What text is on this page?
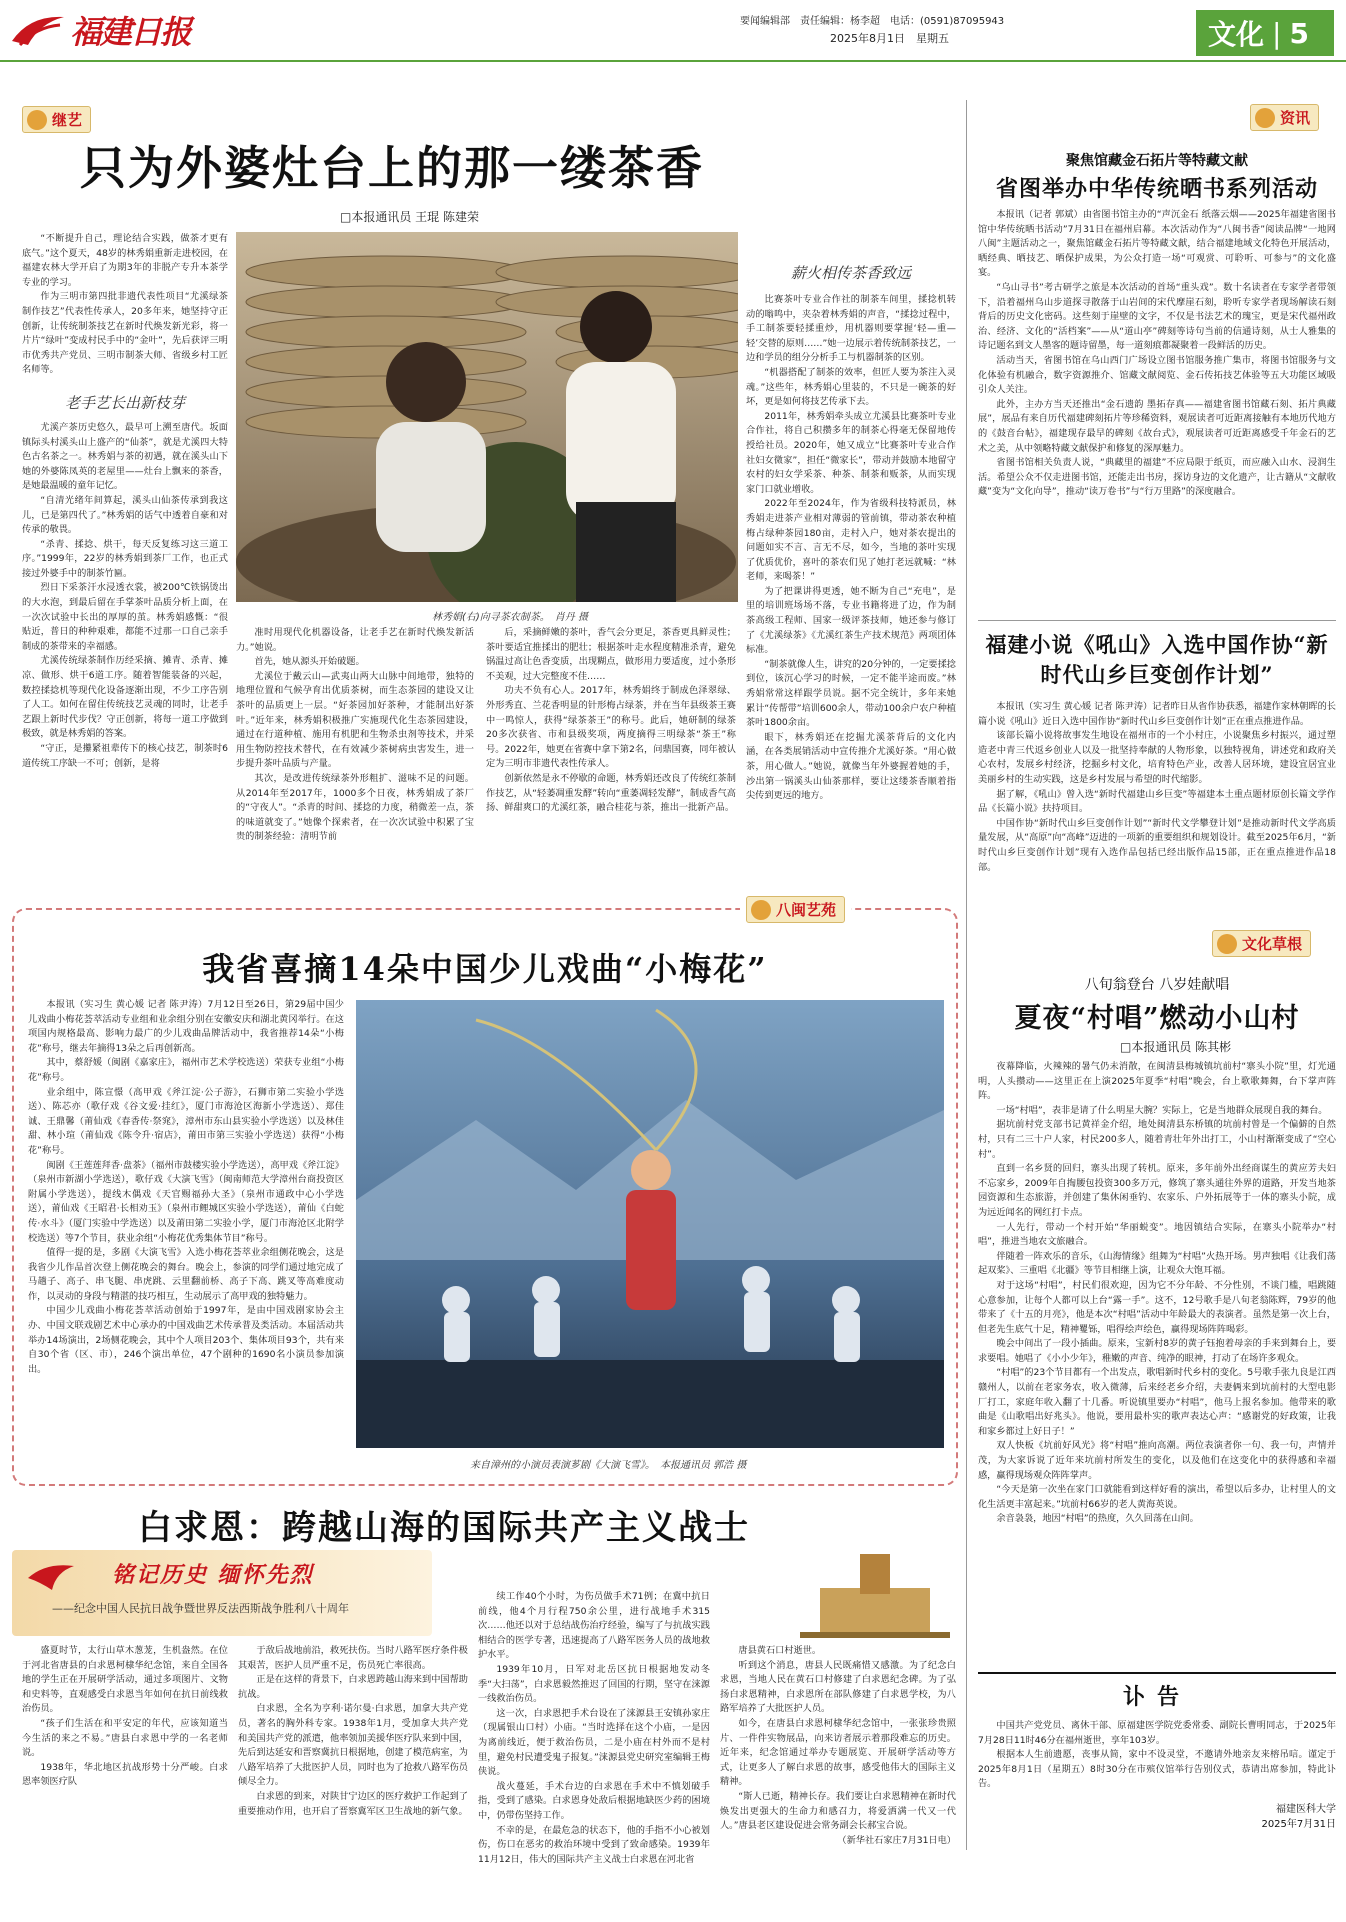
福建日报	要闻编辑部　责任编辑：杨李超　电话：(0591)87095943
2025年8月1日　星期五	文化 | 5
继艺
只为外婆灶台上的那一缕茶香
□本报通讯员 王琨 陈建荣

“不断提升自己，理论结合实践，做茶才更有底气。”这个夏天，48岁的林秀娟重新走进校园，在福建农林大学开启了为期3年的非脱产专升本茶学专业的学习。

作为三明市第四批非遗代表性项目“尤溪绿茶制作技艺”代表性传承人，20多年来，她坚持守正创新，让传统制茶技艺在新时代焕发新光彩，将一片片“绿叶”变成村民手中的“金叶”，先后获评三明市优秀共产党员、三明市制茶大师、省级乡村工匠名师等。

老手艺长出新枝芽

尤溪产茶历史悠久，最早可上溯至唐代。坂面镇际头村溪头山上盛产的“仙茶”，就是尤溪四大特色古名茶之一。林秀娟与茶的初遇，就在溪头山下她的外婆陈凤英的老屋里——灶台上飘来的茶香，是她最温暖的童年记忆。

“自清光绪年间算起，溪头山仙茶传承到我这儿，已是第四代了。”林秀娟的话气中透着自豪和对传承的敬畏。

“杀青、揉捻、烘干，每天反复练习这三道工序。”1999年，22岁的林秀娟到茶厂工作，也正式接过外婆手中的制茶竹匾。

烈日下采茶汗水浸透衣裳，被200℃铁锅烫出的大水泡，到最后留在手掌茶叶品质分析上面，在一次次试验中长出的厚厚的茧。林秀娟感慨：“很贴近，普日的种种艰难，都能不过那一口自己亲手制成的茶带来的幸福感。

尤溪传统绿茶制作历经采摘、摊青、杀青、摊凉、做形、烘干6道工序。随着智能装备的兴起，数控揉捻机等现代化设备逐渐出现，不少工序告别了人工。如何在留住传统技艺灵魂的同时，让老手艺跟上新时代步伐？守正创新，将每一道工序做到极致，就是林秀娟的答案。

“守正，是攥紧祖辈传下的核心技艺，制茶时6道传统工序缺一不可；创新，是将

林秀娟(右)向寻茶农制茶。　肖丹 摄

准时用现代化机器设备，让老手艺在新时代焕发新活力。”她说。

首先，她从源头开始破题。

尤溪位于戴云山—武夷山两大山脉中间地带，独特的地理位置和气候孕育出优质茶树，而生态茶园的建设又让茶叶的品质更上一层。“好茶园加好茶种，才能制出好茶叶。”近年来，林秀娟积极推广实施现代化生态茶园建设，通过在行道种植、施用有机肥和生物杀虫剂等技术，并采用生物防控技术替代，在有效减少茶树病虫害发生，进一步提升茶叶品质与产量。

其次，是改进传统绿茶外形粗扩、滋味不足的问题。从2014年至2017年，1000多个日夜，林秀娟成了茶厂的“守夜人”。“杀青的时间、揉捻的力度，稍微差一点，茶的味道就变了。”她像个探索者，在一次次试验中积累了宝贵的制茶经验：清明节前

后，采摘鲜嫩的茶叶，香气会分更足，茶香更具鲜灵性；茶叶要适宜推揉出的肥壮；根据茶叶走水程度精准杀青，避免锅温过高让色香变质，出现糊点，做形用力要适度，过小条形不美观，过大完整度不佳……

功夫不负有心人。2017年，林秀娟终于制成色泽翠绿、外形秀直、兰花香明显的针形梅占绿茶，并在当年县级茶王赛中一鸣惊人，获得“绿茶茶王”的称号。此后，她研制的绿茶20多次获省、市和县级奖项，两度摘得三明绿茶“茶王”称号。2022年，她更在省赛中拿下第2名，问鼎国赛，同年被认定为三明市非遗代表性传承人。

创新依然是永不停歇的命题，林秀娟还改良了传统红茶制作技艺，从“轻萎凋重发酵”转向“重萎凋轻发酵”，制成香气高扬、鲜甜爽口的尤溪红茶，融合桂花与茶，推出一批新产品。

薪火相传茶香致远

比赛茶叶专业合作社的制茶车间里，揉捻机转动的嗡鸣中，夹杂着林秀娟的声音，“揉捻过程中，手工制茶要轻揉重炒，用机器则要掌握‘轻—重—轻’交替的原则……”她一边展示着传统制茶技艺，一边和学员的组分分析手工与机器制茶的区别。

“机器搭配了制茶的效率，但匠人要为茶注入灵魂。”这些年，林秀娟心里装的，不只是一碗茶的好坏，更是如何将技艺传承下去。

2011年，林秀娟牵头成立尤溪县比赛茶叶专业合作社，将自己积攒多年的制茶心得毫无保留地传授给社员。2020年，她又成立“比赛茶叶专业合作社妇女微家”，担任“微家长”，带动并鼓励本地留守农村的妇女学采茶、种茶、制茶和贩茶，从而实现家门口就业增收。

2022年至2024年，作为省级科技特派员，林秀娟走进茶产业相对薄弱的管前镇，带动茶农种植梅占绿种茶园180亩，走村入户，她对茶农提出的问题如实不言、言无不尽，如今，当地的茶叶实现了优质优价，喜叶的茶农们见了她打老远就喊：“林老师，来喝茶！”

为了把课讲得更透，她不断为自己“充电”，是里的培训班场场不落，专业书籍将进了边，作为制茶高级工程师、国家一级评茶技师，她还参与修订了《尤溪绿茶》《尤溪红茶生产技术规范》两项团体标准。

“制茶就像人生，讲究的20分钟的，一定要揉捻到位，该沉心学习的时候，一定不能半途而废。”林秀娟常常这样跟学员说。据不完全统计，多年来她累计“传帮带”培训600余人，带动100余户农户种植茶叶1800余亩。

眼下，林秀娟还在挖掘尤溪茶背后的文化内涵，在各类展销活动中宣传推介尤溪好茶。“用心做茶，用心做人。”她说，就像当年外婆握着她的手，沙出第一锅溪头山仙茶那样，要让这缕茶香顺着指尖传到更远的地方。

资讯
聚焦馆藏金石拓片等特藏文献
省图举办中华传统晒书系列活动

本报讯（记者 郭斌）由省图书馆主办的“声沉金石 纸落云烟——2025年福建省图书馆中华传统晒书活动”7月31日在福州启幕。本次活动作为“八闽书香”阅读品牌“一地网八闽”主题活动之一，聚焦馆藏金石拓片等特藏文献，结合福建地域文化特色开展活动，晒经典、晒技艺、晒保护成果，为公众打造一场“可观赏、可聆听、可参与”的文化盛宴。

“乌山寻书”考古研学之旅是本次活动的首场“重头戏”。数十名读者在专家学者带领下，沿着福州乌山步道探寻散落于山岩间的宋代摩崖石刻，聆听专家学者现场解读石刻背后的历史文化密码。这些刻于崖壁的文字，不仅是书法艺术的瑰宝，更是宋代福州政治、经济、文化的“活档案”——从“道山亭”碑刻等诗句当前的信通诗刻，从士人雅集的诗记题名到文人墨客的题诗留墨，每一道刻痕都凝聚着一段鲜活的历史。

活动当天，省图书馆在乌山西门广场设立图书馆服务推广集市，将图书馆服务与文化体验有机融合，数字资源推介、馆藏文献阅览、金石传拓技艺体验等五大功能区域吸引众人关注。

此外，主办方当天还推出“金石遗韵 墨拓存真——福建省图书馆藏石刻、拓片典藏展”，展品有来自历代福建碑刻拓片等珍稀资料，观展读者可近距离接触有本地历代地方的《鼓音台帖》，福建现存最早的碑刻《故台式》，观展读者可近距离感受千年金石的艺术之美，从中领略特藏文献保护和修复的深厚魅力。

省图书馆相关负责人说，“典藏里的福建”不应局限于纸页，而应融入山水、浸润生活。希望公众不仅走进图书馆，还能走出书房，探访身边的文化遗产，让古籍从“文献收藏”变为“文化向导”，推动“读万卷书”与“行万里路”的深度融合。

福建小说《吼山》入选中国作协“新时代山乡巨变创作计划”

本报讯（实习生 黄心媛 记者 陈尹涛）记者昨日从省作协获悉，福建作家林朝晖的长篇小说《吼山》近日入选中国作协“新时代山乡巨变创作计划”正在重点推进作品。

该部长篇小说将故事发生地设在福州市的一个小村庄，小说聚焦乡村振兴，通过塑造老中青三代返乡创业人以及一批坚持奉献的人物形象，以独特视角，讲述党和政府关心农村，发展乡村经济，挖掘乡村文化，培育特色产业，改善人居环境，建设宜居宜业美丽乡村的生动实践，这是乡村发展与希望的时代缩影。

据了解，《吼山》曾入选“新时代福建山乡巨变”等福建本土重点题材原创长篇文学作品《长篇小说》扶持项目。

中国作协“新时代山乡巨变创作计划”“新时代文学攀登计划”是推动新时代文学高质量发展，从“高原”向“高峰”迈进的一项新的重要组织和规划设计。截至2025年6月，“新时代山乡巨变创作计划”现有入选作品包括已经出版作品15部，正在重点推进作品18部。

文化草根
八旬翁登台 八岁娃献唱
夏夜“村唱”燃动小山村
□本报通讯员 陈其彬

夜幕降临，火辣辣的暑气仍未消散，在闽清县梅城镇坑前村“寨头小院”里，灯光通明，人头攒动——这里正在上演2025年夏季“村唱”晚会，台上歌歌舞舞，台下掌声阵阵。

一场“村唱”，表非是请了什么明星大腕？实际上，它是当地群众展现自我的舞台。

据坑前村党支部书记黄祥金介绍，地处闽清县东桥镇的坑前村曾是一个偏僻的自然村，只有二三十户人家，村民200多人，随着青壮年外出打工，小山村渐渐变成了“空心村”。

直到一名乡贤的回归，寨头出现了转机。原来，多年前外出经商谋生的黄应芳夫妇不忘家乡，2009年自掏腰包投资300多万元，修筑了寨头通往外界的道路，开发当地茶园资源和生态旅游，并创建了集休闲垂钓、农家乐、户外拓展等于一体的寨头小院，成为远近闻名的网红打卡点。

一人先行，带动一个村开始“华丽蜕变”。地因镇结合实际，在寨头小院举办“村唱”，推进当地农文旅融合。

伴随着一阵欢乐的音乐，《山海情缘》组舞为“村唱”火热开场。男声独唱《让我们荡起双桨》、三重唱《北疆》等节目相继上演，让观众大饱耳福。

对于这场“村唱”，村民们很欢迎，因为它不分年龄、不分性别，不谈门槛，唱跳随心意参加，让每个人都可以上台“露一手”。这不，12号歌手是八旬老翁陈辉，79岁的他带来了《十五的月亮》，他是本次“村唱”活动中年龄最大的表演者。虽然是第一次上台，但老先生底气十足，精神矍铄，唱得绘声绘色，赢得现场阵阵喝彩。

晚会中间出了一段小插曲。原来，宝新村8岁的黄子钰抱着母亲的手来到舞台上，要求要唱。她唱了《小小少年》，稚嫩的声音、纯净的眼神，打动了在场许多观众。

“村唱”的23个节目都有一个出发点，歌唱新时代乡村的变化。5号歌手张九良是江西赣州人，以前在老家务农，收入微薄，后来经老乡介绍，夫妻俩来到坑前村的大型电影厂打工，家庭年收入翻了十几番。听说镇里要办“村唱”，他马上报名参加。他带来的歌曲是《山歌唱出好兆头》。他说，要用最朴实的歌声表达心声：“感谢党的好政策，让我和家乡都过上好日子！”

双人快板《坑前好风光》将“村唱”推向高潮。两位表演者你一句、我一句，声情并茂，为大家诉说了近年来坑前村所发生的变化，以及他们在这变化中的获得感和幸福感，赢得现场观众阵阵掌声。

“今天是第一次坐在家门口就能看到这样好看的演出，希望以后多办，让村里人的文化生活更丰富起来。”坑前村66岁的老人黄海英说。

余音袅袅，地因“村唱”的热度，久久回荡在山间。

讣告

中国共产党党员、离休干部、原福建医学院党委常委、副院长曹明同志，于2025年7月28日11时46分在福州逝世，享年103岁。

根据本人生前遗愿，丧事从简，家中不设灵堂，不邀请外地亲友来榕吊唁。谨定于2025年8月1日（星期五）8时30分在市殡仪馆举行告别仪式，恭请出席参加，特此讣告。

福建医科大学
2025年7月31日
八闽艺苑
我省喜摘14朵中国少儿戏曲“小梅花”

本报讯（实习生 黄心媛 记者 陈尹涛）7月12日至26日，第29届中国少儿戏曲小梅花荟萃活动专业组和业余组分别在安徽安庆和湖北黄冈举行。在这项国内规格最高、影响力最广的少儿戏曲品牌活动中，我省推荐14朵“小梅花”称号，继去年摘得13朵之后再创新高。

其中，蔡舒媛（闽剧《嘉家庄》，福州市艺术学校选送）荣获专业组“小梅花”称号。

业余组中，陈宣憬（高甲戏《斧江淀·公子游》，石狮市第二实验小学选送）、陈芯亦（歌仔戏《谷文爱·挂红》，厦门市海沧区海新小学选送）、郑佳诚、王鼎馨（莆仙戏《春香传·祭窕》，漳州市东山县实验小学选送）以及林佳甜、林小瑄（莆仙戏《陈令升·宿店》，莆田市第三实验小学选送）获得“小梅花”称号。

闽剧《王莲莲拜香·盘茶》（福州市鼓楼实验小学选送），高甲戏《斧江淀》（泉州市新湖小学选送），歌仔戏《大演飞雪》（闽南师范大学漳州台商投资区附属小学选送），提线木偶戏《天官赐福孙大圣》（泉州市通政中心小学选送），莆仙戏《王昭君·长相劝玉》（泉州市鲤城区实验小学选送），莆仙《白蛇传·水斗》（厦门实验中学选送）以及莆田第二实验小学，厦门市海沧区北附学校选送）等7个节目，获业余组“小梅花优秀集体节目”称号。

值得一提的是，多剧《大演飞雪》入选小梅花荟萃业余组侧花晚会，这是我省少儿作品首次登上侧花晚会的舞台。晚会上，参演的同学们通过地完成了马趟子、高子、串飞腿、串虎跳、云里翻前桥、高子下高、跳叉等高难度动作，以灵动的身段与精湛的技巧相互，生动展示了高甲戏的独特魅力。

中国少儿戏曲小梅花荟萃活动创始于1997年，是由中国戏剧家协会主办、中国文联戏剧艺术中心承办的中国戏曲艺术传承普及类活动。本届活动共举办14场演出，2场侧花晚会，其中个人项目203个、集体项目93个，共有来自30个省（区、市），246个演出单位，47个剧种的1690名小演员参加演出。

来自漳州的小演员表演芗剧《大演飞雪》。　本报通讯员 郭浩 摄
白求恩：跨越山海的国际共产主义战士
铭记历史 缅怀先烈
——纪念中国人民抗日战争暨世界反法西斯战争胜利八十周年

盛夏时节，太行山草木葱茏，生机盎然。在位于河北省唐县的白求恩柯棣华纪念馆，来自全国各地的学生正在开展研学活动，通过多项图片、文物和史料等，直观感受白求恩当年如何在抗日前线救治伤员。

“孩子们生活在和平安定的年代，应该知道当今生活的来之不易。”唐县白求恩中学的一名老师说。

1938年，华北地区抗战形势十分严峻。白求恩率领医疗队

于敌后战地前沿，救死扶伤。当时八路军医疗条件极其艰苦，医护人员严重不足，伤员死亡率很高。

正是在这样的背景下，白求恩跨越山海来到中国帮助抗战。

白求恩，全名为亨利·诺尔曼·白求恩，加拿大共产党员，著名的胸外科专家。1938年1月，受加拿大共产党和美国共产党的派遣，他率领加美援华医疗队来到中国，先后到达延安和晋察冀抗日根据地，创建了模范病室，为八路军培养了大批医护人员，同时也为了抢救八路军伤员倾尽全力。

白求恩的到来，对陕甘宁边区的医疗救护工作起到了重要推动作用，也开启了晋察冀军区卫生战地的新气象。

续工作40个小时，为伤员做手术71例；在冀中抗日前线，他4个月行程750余公里，进行战地手术315次……他还以对于总结战伤治疗经验，编写了与抗战实践相结合的医学专著，迅速提高了八路军医务人员的战地救护水平。

1939年10月，日军对北岳区抗日根据地发动冬季“大扫荡”，白求恩毅然推迟了回国的行期，坚守在涞源一线救治伤员。

这一次，白求恩把手术台设在了涞源县王安镇孙家庄（现属银山口村）小庙。“当时选择在这个小庙，一是因为离前线近，便于救治伤员，二是小庙在村外而不是村里，避免村民遭受鬼子报复。”涞源县党史研究室编辑王梅侠说。

战火蔓延，手术台边的白求恩在手术中不慎划破手指，受到了感染。白求恩身处敌后根据地缺医少药的困境中，仍带伤坚持工作。

不幸的是，在最危急的状态下，他的手指不小心被划伤，伤口在恶劣的救治环境中受到了致命感染。1939年11月12日，伟大的国际共产主义战士白求恩在河北省

唐县黄石口村逝世。

听到这个消息，唐县人民既痛惜又感激。为了纪念白求恩，当地人民在黄石口村修建了白求恩纪念碑。为了弘扬白求恩精神，白求恩所在部队修建了白求恩学校，为八路军培养了大批医护人员。

如今，在唐县白求恩柯棣华纪念馆中，一张张珍贵照片、一件件实物展品，向来访者展示着那段难忘的历史。近年来，纪念馆通过举办专题展览、开展研学活动等方式，让更多人了解白求恩的故事，感受他伟大的国际主义精神。

“斯人已逝，精神长存。我们要让白求恩精神在新时代焕发出更强大的生命力和感召力，将爱洒满一代又一代人。”唐县老区建设促进会常务副会长郝宝合说。

（新华社石家庄7月31日电）
